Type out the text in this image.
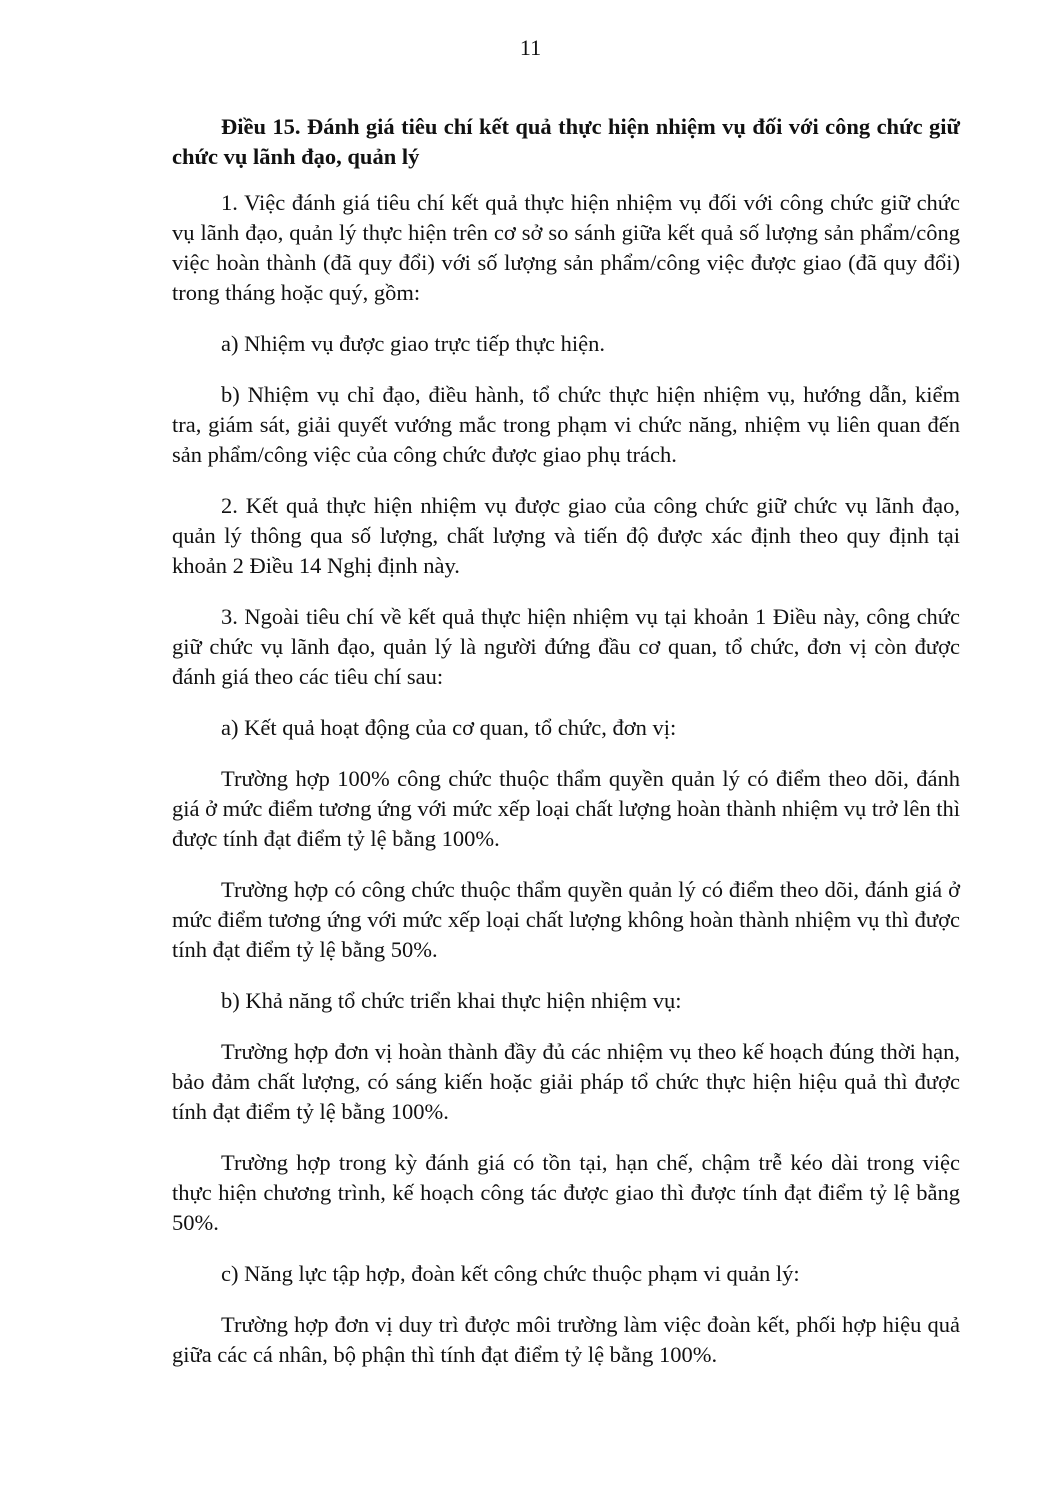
11
Điều 15. Đánh giá tiêu chí kết quả thực hiện nhiệm vụ đối với công chức giữ chức vụ lãnh đạo, quản lý
1. Việc đánh giá tiêu chí kết quả thực hiện nhiệm vụ đối với công chức giữ chức vụ lãnh đạo, quản lý thực hiện trên cơ sở so sánh giữa kết quả số lượng sản phẩm/công việc hoàn thành (đã quy đổi) với số lượng sản phẩm/công việc được giao (đã quy đổi) trong tháng hoặc quý, gồm:
a) Nhiệm vụ được giao trực tiếp thực hiện.
b) Nhiệm vụ chỉ đạo, điều hành, tổ chức thực hiện nhiệm vụ, hướng dẫn, kiểm tra, giám sát, giải quyết vướng mắc trong phạm vi chức năng, nhiệm vụ liên quan đến sản phẩm/công việc của công chức được giao phụ trách.
2. Kết quả thực hiện nhiệm vụ được giao của công chức giữ chức vụ lãnh đạo, quản lý thông qua số lượng, chất lượng và tiến độ được xác định theo quy định tại khoản 2 Điều 14 Nghị định này.
3. Ngoài tiêu chí về kết quả thực hiện nhiệm vụ tại khoản 1 Điều này, công chức giữ chức vụ lãnh đạo, quản lý là người đứng đầu cơ quan, tổ chức, đơn vị còn được đánh giá theo các tiêu chí sau:
a) Kết quả hoạt động của cơ quan, tổ chức, đơn vị:
Trường hợp 100% công chức thuộc thẩm quyền quản lý có điểm theo dõi, đánh giá ở mức điểm tương ứng với mức xếp loại chất lượng hoàn thành nhiệm vụ trở lên thì được tính đạt điểm tỷ lệ bằng 100%.
Trường hợp có công chức thuộc thẩm quyền quản lý có điểm theo dõi, đánh giá ở mức điểm tương ứng với mức xếp loại chất lượng không hoàn thành nhiệm vụ thì được tính đạt điểm tỷ lệ bằng 50%.
b) Khả năng tổ chức triển khai thực hiện nhiệm vụ:
Trường hợp đơn vị hoàn thành đầy đủ các nhiệm vụ theo kế hoạch đúng thời hạn, bảo đảm chất lượng, có sáng kiến hoặc giải pháp tổ chức thực hiện hiệu quả thì được tính đạt điểm tỷ lệ bằng 100%.
Trường hợp trong kỳ đánh giá có tồn tại, hạn chế, chậm trễ kéo dài trong việc thực hiện chương trình, kế hoạch công tác được giao thì được tính đạt điểm tỷ lệ bằng 50%.
c) Năng lực tập hợp, đoàn kết công chức thuộc phạm vi quản lý:
Trường hợp đơn vị duy trì được môi trường làm việc đoàn kết, phối hợp hiệu quả giữa các cá nhân, bộ phận thì tính đạt điểm tỷ lệ bằng 100%.
